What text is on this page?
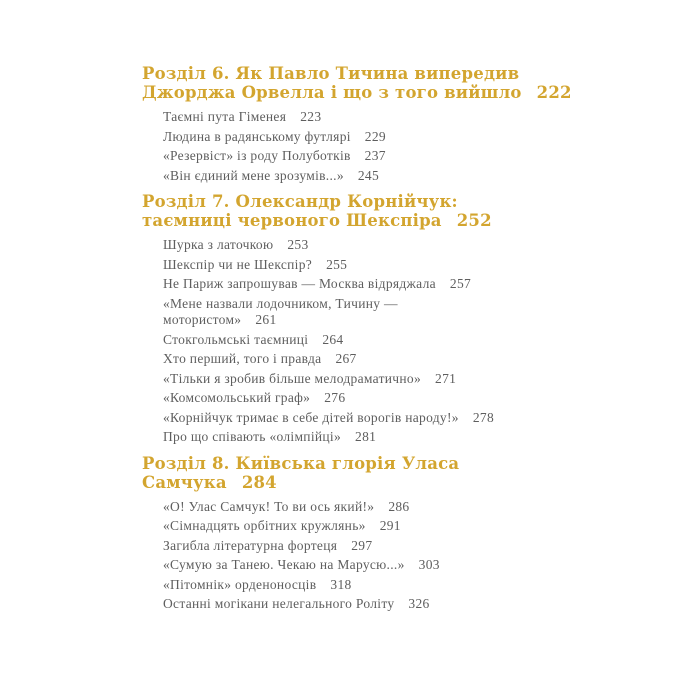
Розділ 6. Як Павло Тичина випередив
Джорджа Орвелла і що з того вийшло 222
Таємні пута Гіменея 223
Людина в радянському футлярі 229
«Резервіст» із роду Полуботків 237
«Він єдиний мене зрозумів...» 245
Розділ 7. Олександр Корнійчук:
таємниці червоного Шекспіра 252
Шурка з латочкою 253
Шекспір чи не Шекспір? 255
Не Париж запрошував — Москва відряджала 257
«Мене назвали лодочником, Тичину —
мотористом» 261
Стокгольмські таємниці 264
Хто перший, того і правда 267
«Тільки я зробив більше мелодраматично» 271
«Комсомольський граф» 276
«Корнійчук тримає в себе дітей ворогів народу!» 278
Про що співають «олімпійці» 281
Розділ 8. Київська глорія Уласа
Самчука 284
«О! Улас Самчук! То ви ось який!» 286
«Сімнадцять орбітних кружлянь» 291
Загибла літературна фортеця 297
«Сумую за Танею. Чекаю на Марусю...» 303
«Пітомнік» орденоносців 318
Останні могікани нелегального Роліту 326
